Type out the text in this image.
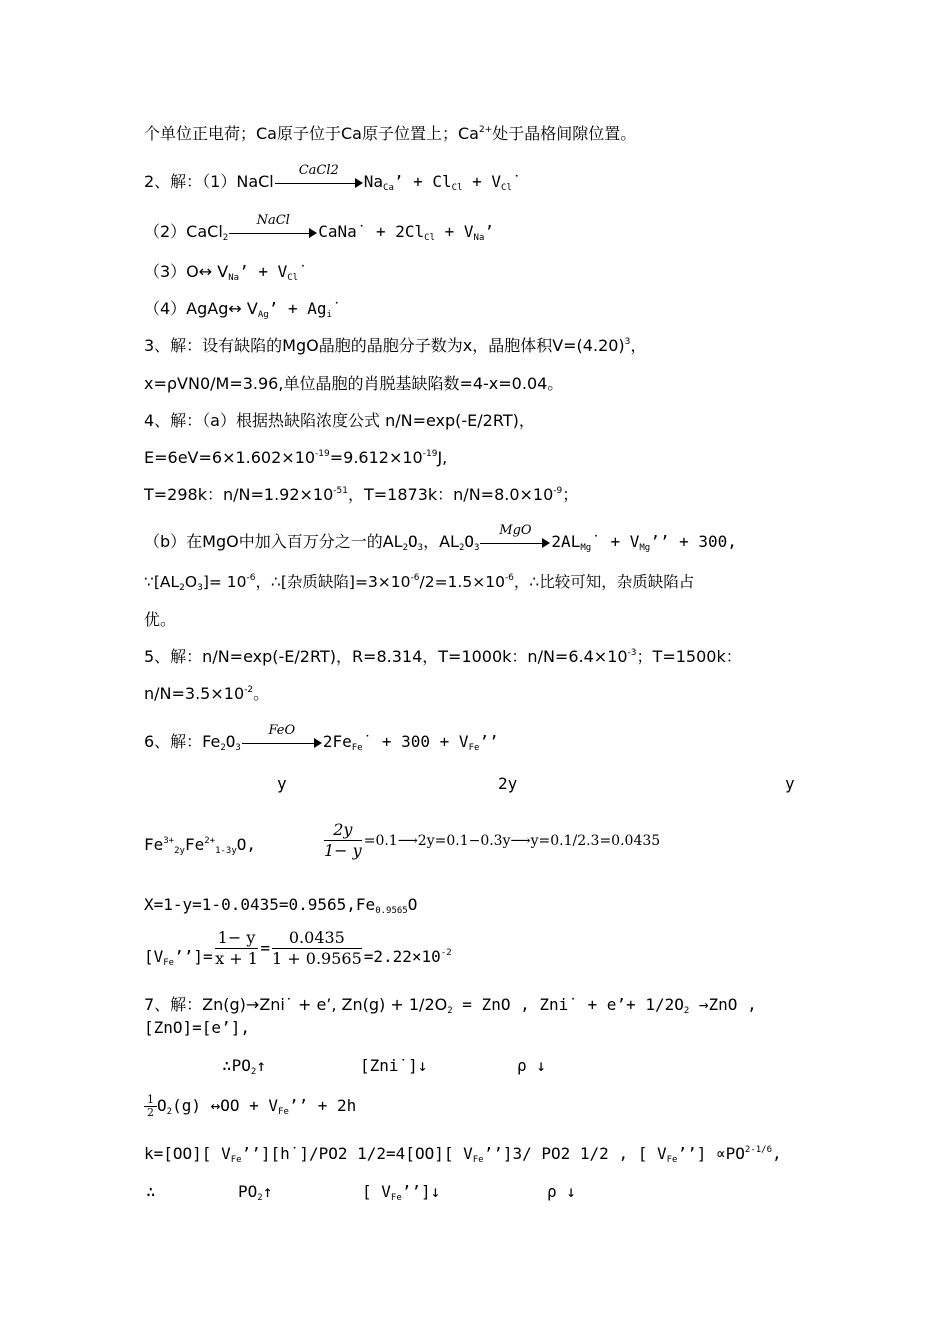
个单位正电荷；Ca原子位于Ca原子位置上；$Ca^{2+}$处于晶格间隙位置。
2、解：（1）NaCl
CaCl2
$Na_{Ca}$’ + $Cl_{Cl}$ + $V_{Cl}˙$
（2）CaCl$_2$
NaCl
CaNa˙ + $2Cl_{Cl} + V_{Na}$’
（3）O↔ $V_{Na}$’ + $V_{Cl}˙$
（4）AgAg↔ $V_{Ag}$’ + $Ag_i˙$
3、解：设有缺陷的MgO晶胞的晶胞分子数为x，晶胞体积$V=(4.20)^3$，
x=ρVN0/M=3.96,单位晶胞的肖脱基缺陷数=4-x=0.04。
4、解：（a）根据热缺陷浓度公式 n/N=exp(-E/2RT)，
$E=6eV=6\times 1.602\times 10^{-19}=9.612\times 10^{-19}J$,
T=298k：$n/N=1.92\times 10^{-51}$，T=1873k：$n/N=8.0\times 10^{-9}$；
（b）在MgO中加入百万分之一的$AL_2O_3$，$AL_2O_3$
MgO
$2AL_{Mg}˙ + V_{Mg}$’’ + 300,
$\because[AL_2O_3]= 10^{-6}$，∴[杂质缺陷]$=3\times 10^{-6}/2=1.5\times 10^{-6}$，∴比较可知，杂质缺陷占
优。
5、解：n/N=exp(-E/2RT)，R=8.314，T=1000k：$n/N=6.4\times 10^{-3}$；T=1500k：
$n/N=3.5\times 10^{-2}$。
6、解：$Fe_2O_3$
FeO
$2Fe_{Fe}˙ + 300 + V_{Fe}$’’
y	2y	y
$Fe^{3+}_{2y}Fe^{2+}_{1-3y}O$,	$\frac{2y}{1- y}$ =0.1⟶2y=0.1−0.3y⟶y=0.1/2.3=0.0435
$X=1-y=1-0.0435=0.9565,Fe_{0.9565}O$
$[V_{Fe}’’]= \frac{1- y}{x + 1} = \frac{0.0435}{1 + 0.9565} =2.22\times 10^{-2}$
7、解：Zn(g)→Zni˙ + e’, $Zn(g) + 1/2O_2$ = ZnO , Zni˙ + e’+ $1/2O_2 \to ZnO$ ,
[ZnO]=[e’],
$\therefore PO_2↑$	[Zni˙]↓	ρ ↓
$\frac{1}{2} O_2(g)$ ↔OO + $V_{Fe}$’’ + 2h
k=[OO][ $V_{Fe}’’][h˙]/PO2$ 1/2=4[OO][ $V_{Fe}’’]3/$ PO2 1/2 , [ $V_{Fe}’’] \propto PO^{2-1/6}$,
∴	$PO_2↑$	[ $V_{Fe}’’]↓$	ρ ↓
